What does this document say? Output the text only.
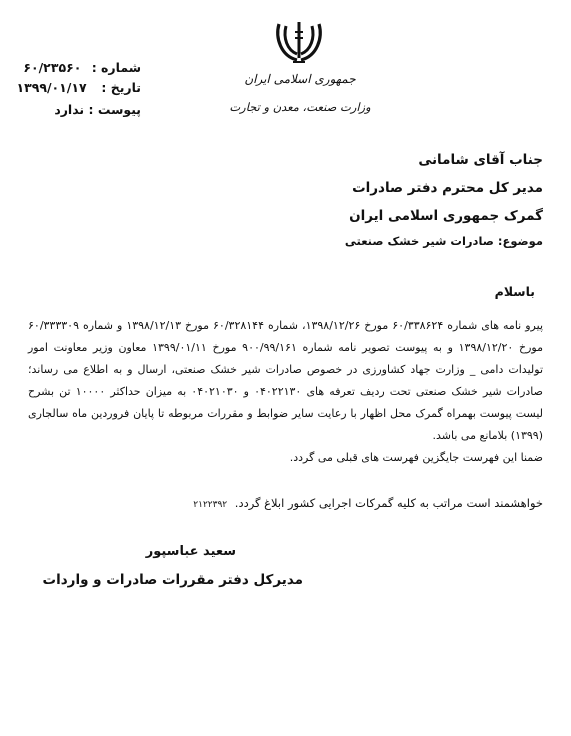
جمهوری اسلامی ایران
وزارت صنعت، معدن و تجارت
شماره : ۶۰/۲۳۵۶۰
تاریخ : ۱۳۹۹/۰۱/۱۷
پیوست : ندارد
جناب آقای شامانی
مدیر کل محترم دفتر صادرات
گمرک جمهوری اسلامی ایران
موضوع: صادرات شیر خشک صنعتی
باسلام

پیرو نامه های شماره ۶۰/۳۳۸۶۲۴ مورخ ۱۳۹۸/۱۲/۲۶، شماره ۶۰/۳۲۸۱۴۴ مورخ ۱۳۹۸/۱۲/۱۳ و شماره ۶۰/۳۳۳۳۰۹ مورخ ۱۳۹۸/۱۲/۲۰ و به پیوست تصویر نامه شماره ۹۰۰/۹۹/۱۶۱ مورخ ۱۳۹۹/۰۱/۱۱ معاون وزیر معاونت امور تولیدات دامی _ وزارت جهاد کشاورزی در خصوص صادرات شیر خشک صنعتی، ارسال و به اطلاع می رساند؛ صادرات شیر خشک صنعتی تحت ردیف تعرفه های ۰۴۰۲۲۱۳۰ و ۰۴۰۲۱۰۳۰ به میزان حداکثر ۱۰۰۰۰ تن بشرح لیست پیوست بهمراه گمرک محل اظهار با رعایت سایر ضوابط و مقررات مربوطه تا پایان فروردین ماه سالجاری (۱۳۹۹) بلامانع می باشد.

ضمنا این فهرست جایگزین فهرست های قبلی می گردد.

خواهشمند است مراتب به کلیه گمرکات اجرایی کشور ابلاغ گردد. ۲۱۲۲۳۹۲
سعید عباسپور
مدیرکل دفتر مقررات صادرات و واردات
